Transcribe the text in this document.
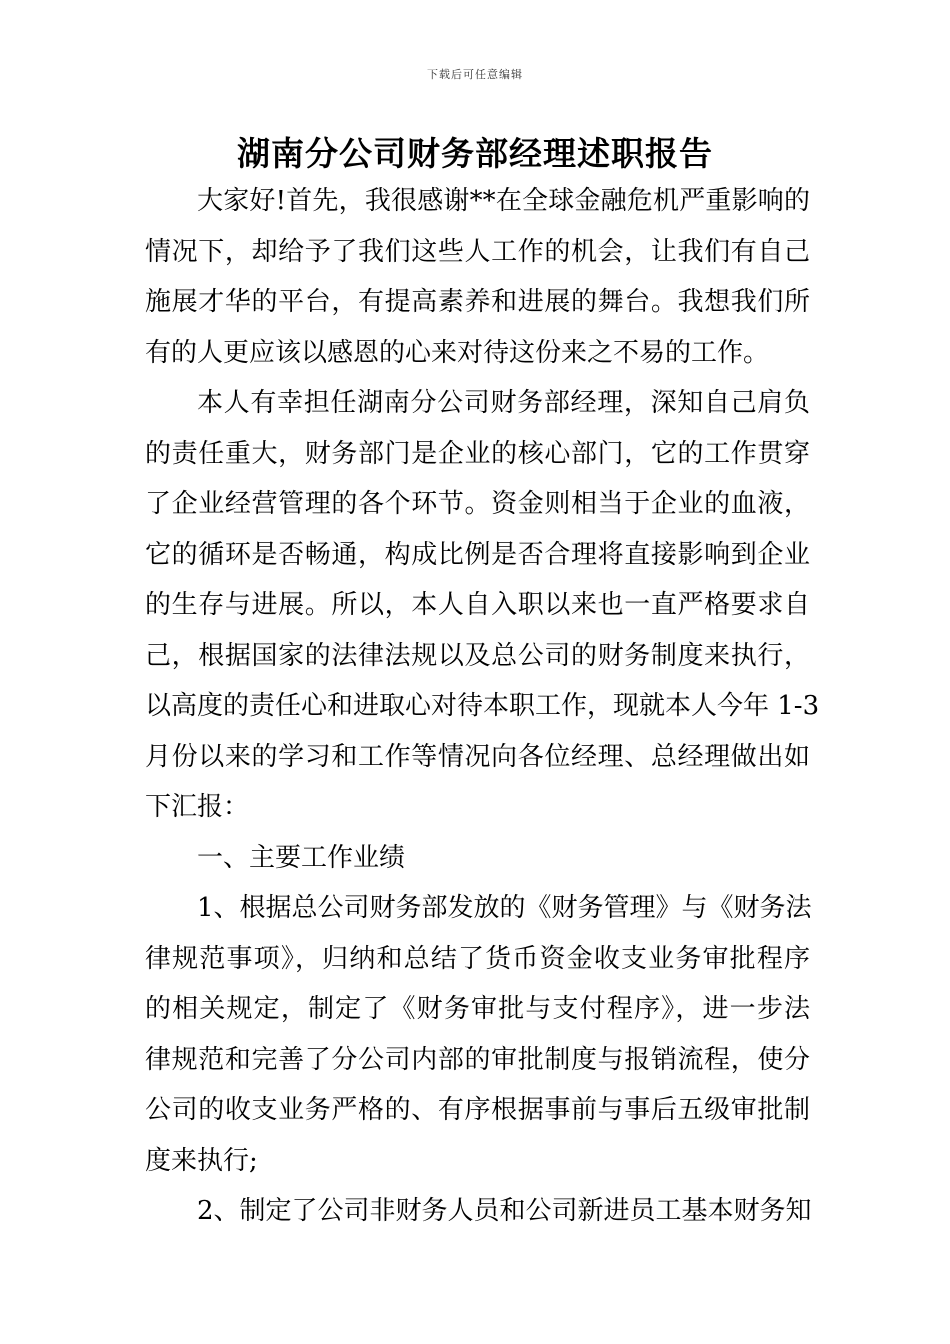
下载后可任意编辑
湖南分公司财务部经理述职报告
大家好!首先，我很感谢**在全球金融危机严重影响的
情况下，却给予了我们这些人工作的机会，让我们有自己
施展才华的平台，有提高素养和进展的舞台。我想我们所
有的人更应该以感恩的心来对待这份来之不易的工作。
本人有幸担任湖南分公司财务部经理，深知自己肩负
的责任重大，财务部门是企业的核心部门，它的工作贯穿
了企业经营管理的各个环节。资金则相当于企业的血液，
它的循环是否畅通，构成比例是否合理将直接影响到企业
的生存与进展。所以，本人自入职以来也一直严格要求自
己，根据国家的法律法规以及总公司的财务制度来执行，
以高度的责任心和进取心对待本职工作，现就本人今年 1-3
月份以来的学习和工作等情况向各位经理、总经理做出如
下汇报：
一、主要工作业绩
1、根据总公司财务部发放的《财务管理》与《财务法
律规范事项》，归纳和总结了货币资金收支业务审批程序
的相关规定，制定了《财务审批与支付程序》，进一步法
律规范和完善了分公司内部的审批制度与报销流程，使分
公司的收支业务严格的、有序根据事前与事后五级审批制
度来执行;
2、制定了公司非财务人员和公司新进员工基本财务知
